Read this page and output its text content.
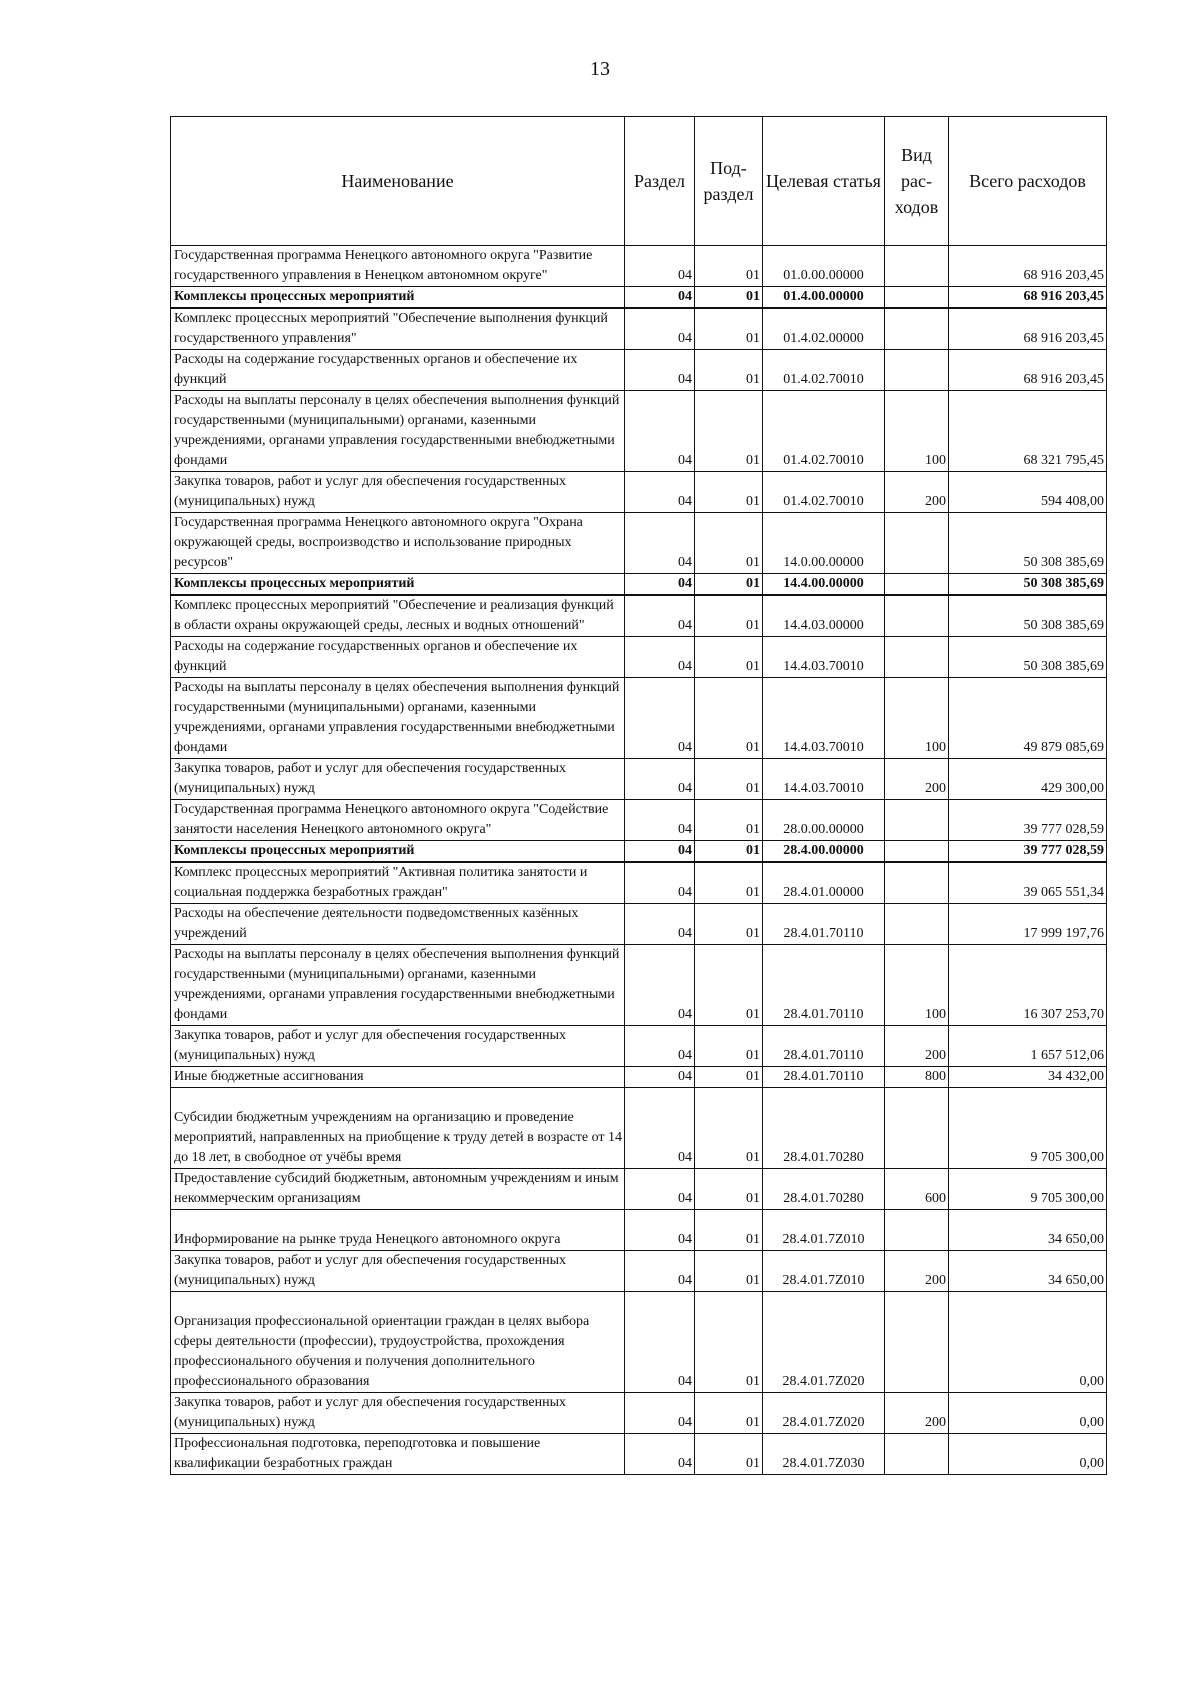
13
Наименование	Раздел	Под-раздел	Целевая статья	Вид рас-ходов	Всего расходов
Государственная программа Ненецкого автономного округа "Развитие государственного управления в Ненецком автономном округе"	04	01	01.0.00.00000		68 916 203,45
Комплексы процессных мероприятий	04	01	01.4.00.00000		68 916 203,45
Комплекс процессных мероприятий "Обеспечение выполнения функций государственного управления"	04	01	01.4.02.00000		68 916 203,45
Расходы на содержание государственных органов и обеспечение их функций	04	01	01.4.02.70010		68 916 203,45
Расходы на выплаты персоналу в целях обеспечения выполнения функций государственными (муниципальными) органами, казенными учреждениями, органами управления государственными внебюджетными фондами	04	01	01.4.02.70010	100	68 321 795,45
Закупка товаров, работ и услуг для обеспечения государственных (муниципальных) нужд	04	01	01.4.02.70010	200	594 408,00
Государственная программа Ненецкого автономного округа "Охрана окружающей среды, воспроизводство и использование природных ресурсов"	04	01	14.0.00.00000		50 308 385,69
Комплексы процессных мероприятий	04	01	14.4.00.00000		50 308 385,69
Комплекс процессных мероприятий "Обеспечение и реализация функций в области охраны окружающей среды, лесных и водных отношений"	04	01	14.4.03.00000		50 308 385,69
Расходы на содержание государственных органов и обеспечение их функций	04	01	14.4.03.70010		50 308 385,69
Расходы на выплаты персоналу в целях обеспечения выполнения функций государственными (муниципальными) органами, казенными учреждениями, органами управления государственными внебюджетными фондами	04	01	14.4.03.70010	100	49 879 085,69
Закупка товаров, работ и услуг для обеспечения государственных (муниципальных) нужд	04	01	14.4.03.70010	200	429 300,00
Государственная программа Ненецкого автономного округа "Содействие занятости населения Ненецкого автономного округа"	04	01	28.0.00.00000		39 777 028,59
Комплексы процессных мероприятий	04	01	28.4.00.00000		39 777 028,59
Комплекс процессных мероприятий "Активная политика занятости и социальная поддержка безработных граждан"	04	01	28.4.01.00000		39 065 551,34
Расходы на обеспечение деятельности подведомственных казённых учреждений	04	01	28.4.01.70110		17 999 197,76
Расходы на выплаты персоналу в целях обеспечения выполнения функций государственными (муниципальными) органами, казенными учреждениями, органами управления государственными внебюджетными фондами	04	01	28.4.01.70110	100	16 307 253,70
Закупка товаров, работ и услуг для обеспечения государственных (муниципальных) нужд	04	01	28.4.01.70110	200	1 657 512,06
Иные бюджетные ассигнования	04	01	28.4.01.70110	800	34 432,00
Субсидии бюджетным учреждениям на организацию и проведение мероприятий, направленных на приобщение к труду детей в возрасте от 14 до 18 лет, в свободное от учёбы время	04	01	28.4.01.70280		9 705 300,00
Предоставление субсидий бюджетным, автономным учреждениям и иным некоммерческим организациям	04	01	28.4.01.70280	600	9 705 300,00
Информирование на рынке труда Ненецкого автономного округа	04	01	28.4.01.7Z010		34 650,00
Закупка товаров, работ и услуг для обеспечения государственных (муниципальных) нужд	04	01	28.4.01.7Z010	200	34 650,00
Организация профессиональной ориентации граждан в целях выбора сферы деятельности (профессии), трудоустройства, прохождения профессионального обучения и получения дополнительного профессионального образования	04	01	28.4.01.7Z020		0,00
Закупка товаров, работ и услуг для обеспечения государственных (муниципальных) нужд	04	01	28.4.01.7Z020	200	0,00
Профессиональная подготовка, переподготовка и повышение квалификации безработных граждан	04	01	28.4.01.7Z030		0,00
